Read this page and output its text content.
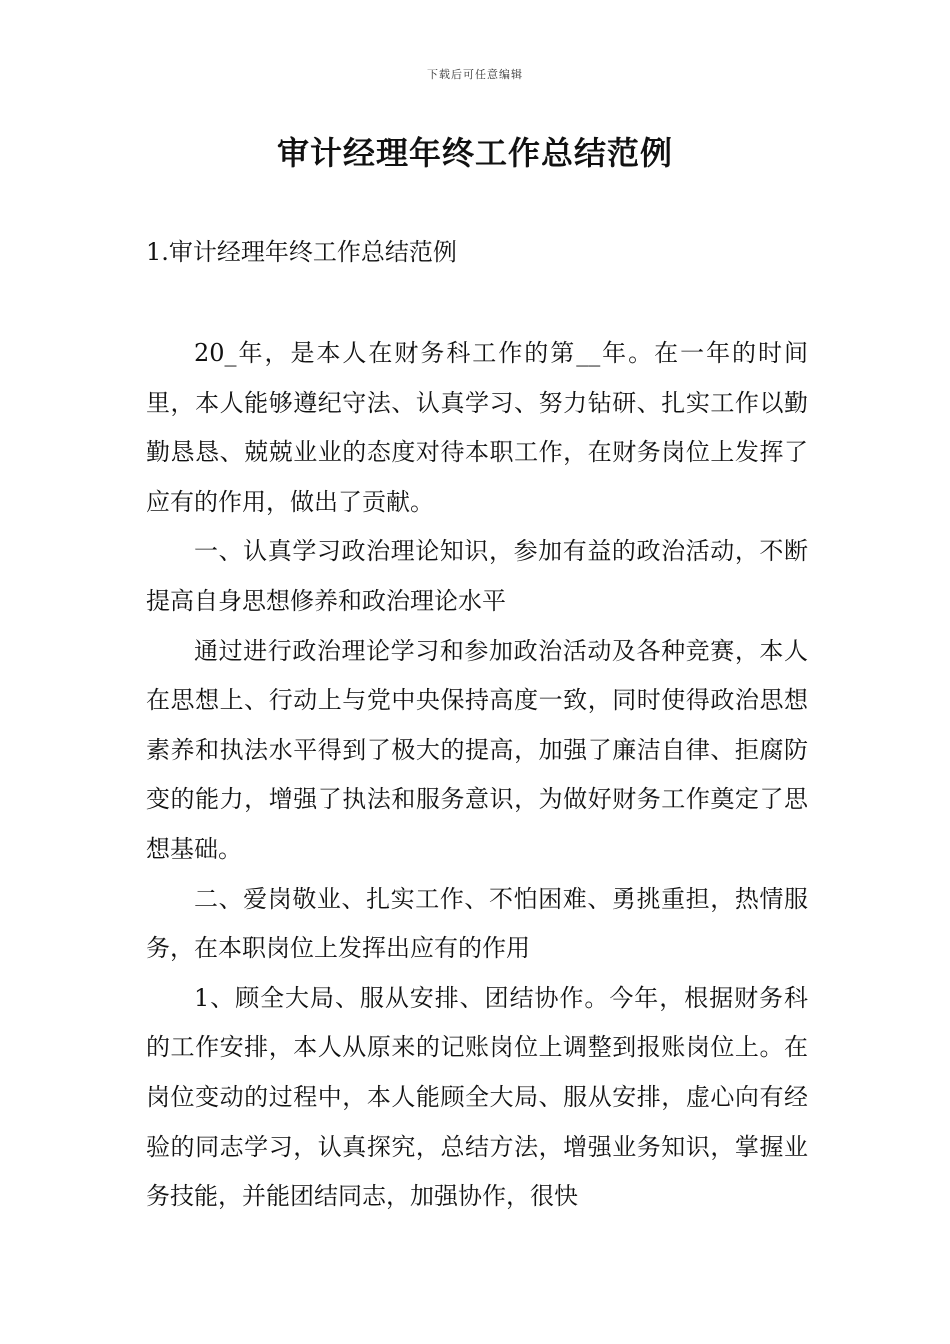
下载后可任意编辑
审计经理年终工作总结范例
1.审计经理年终工作总结范例

20_年，是本人在财务科工作的第__年。在一年的时间里，本人能够遵纪守法、认真学习、努力钻研、扎实工作以勤勤恳恳、兢兢业业的态度对待本职工作，在财务岗位上发挥了应有的作用，做出了贡献。

一、认真学习政治理论知识，参加有益的政治活动，不断提高自身思想修养和政治理论水平

通过进行政治理论学习和参加政治活动及各种竞赛，本人在思想上、行动上与党中央保持高度一致，同时使得政治思想素养和执法水平得到了极大的提高，加强了廉洁自律、拒腐防变的能力，增强了执法和服务意识，为做好财务工作奠定了思想基础。

二、爱岗敬业、扎实工作、不怕困难、勇挑重担，热情服务，在本职岗位上发挥出应有的作用

1、顾全大局、服从安排、团结协作。今年，根据财务科的工作安排，本人从原来的记账岗位上调整到报账岗位上。在岗位变动的过程中，本人能顾全大局、服从安排，虚心向有经验的同志学习，认真探究，总结方法，增强业务知识，掌握业务技能，并能团结同志，加强协作，很快
